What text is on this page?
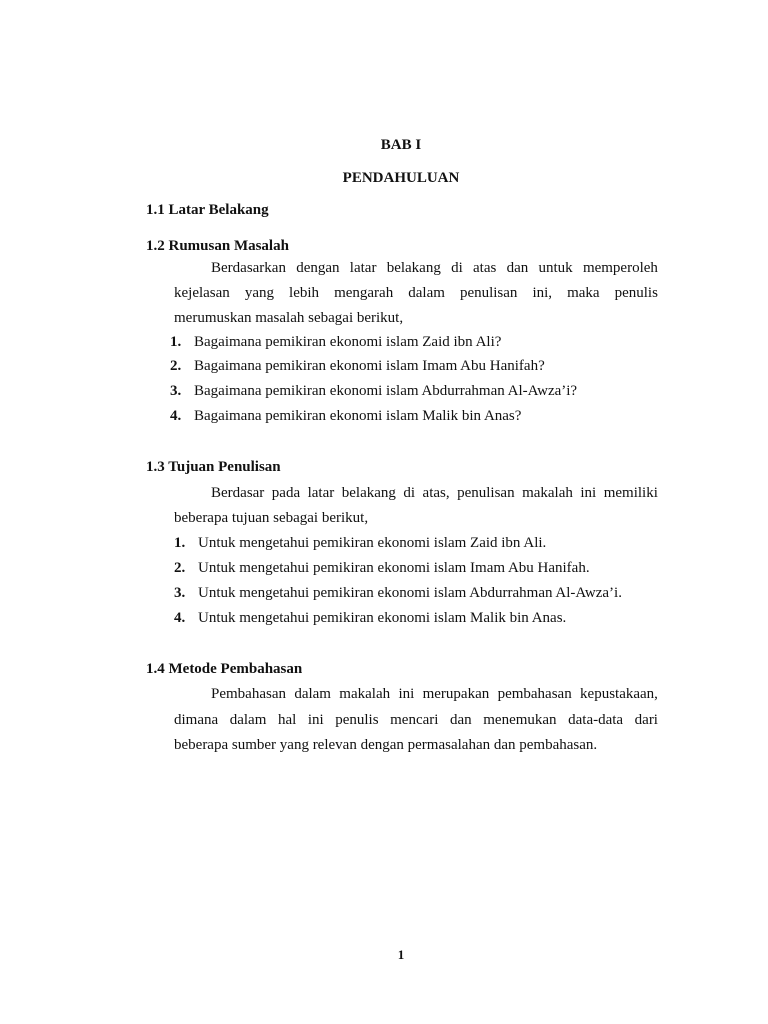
BAB I
PENDAHULUAN
1.1 Latar Belakang
1.2 Rumusan Masalah
Berdasarkan dengan latar belakang di atas dan untuk memperoleh
kejelasan yang lebih mengarah dalam penulisan ini, maka penulis
merumuskan masalah sebagai berikut,
1. Bagaimana pemikiran ekonomi islam Zaid ibn Ali?
2. Bagaimana pemikiran ekonomi islam Imam Abu Hanifah?
3. Bagaimana pemikiran ekonomi islam Abdurrahman Al-Awza’i?
4. Bagaimana pemikiran ekonomi islam Malik bin Anas?
1.3 Tujuan Penulisan
Berdasar pada latar belakang di atas, penulisan makalah ini memiliki
beberapa tujuan sebagai berikut,
1. Untuk mengetahui pemikiran ekonomi islam Zaid ibn Ali.
2. Untuk mengetahui pemikiran ekonomi islam Imam Abu Hanifah.
3. Untuk mengetahui pemikiran ekonomi islam Abdurrahman Al-Awza’i.
4. Untuk mengetahui pemikiran ekonomi islam Malik bin Anas.
1.4 Metode Pembahasan
Pembahasan dalam makalah ini merupakan pembahasan kepustakaan,
dimana dalam hal ini penulis mencari dan menemukan data-data dari
beberapa sumber yang relevan dengan permasalahan dan pembahasan.
1
